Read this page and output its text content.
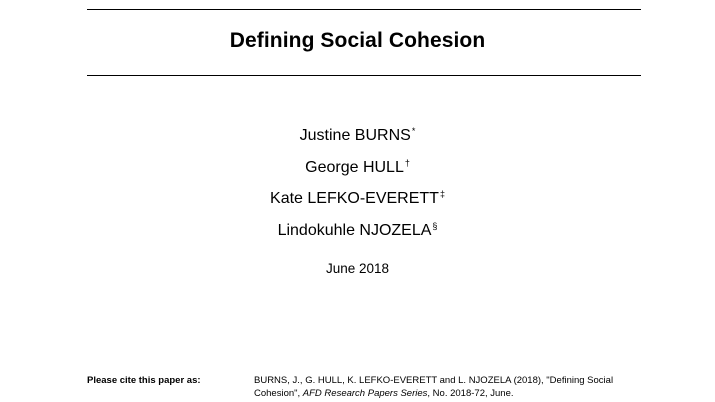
Defining Social Cohesion
Justine BURNS*
George HULL†
Kate LEFKO-EVERETT‡
Lindokuhle NJOZELA§
June 2018
Please cite this paper as:	BURNS, J., G. HULL, K. LEFKO-EVERETT and L. NJOZELA (2018), "Defining Social Cohesion", AFD Research Papers Series, No. 2018-72, June.
